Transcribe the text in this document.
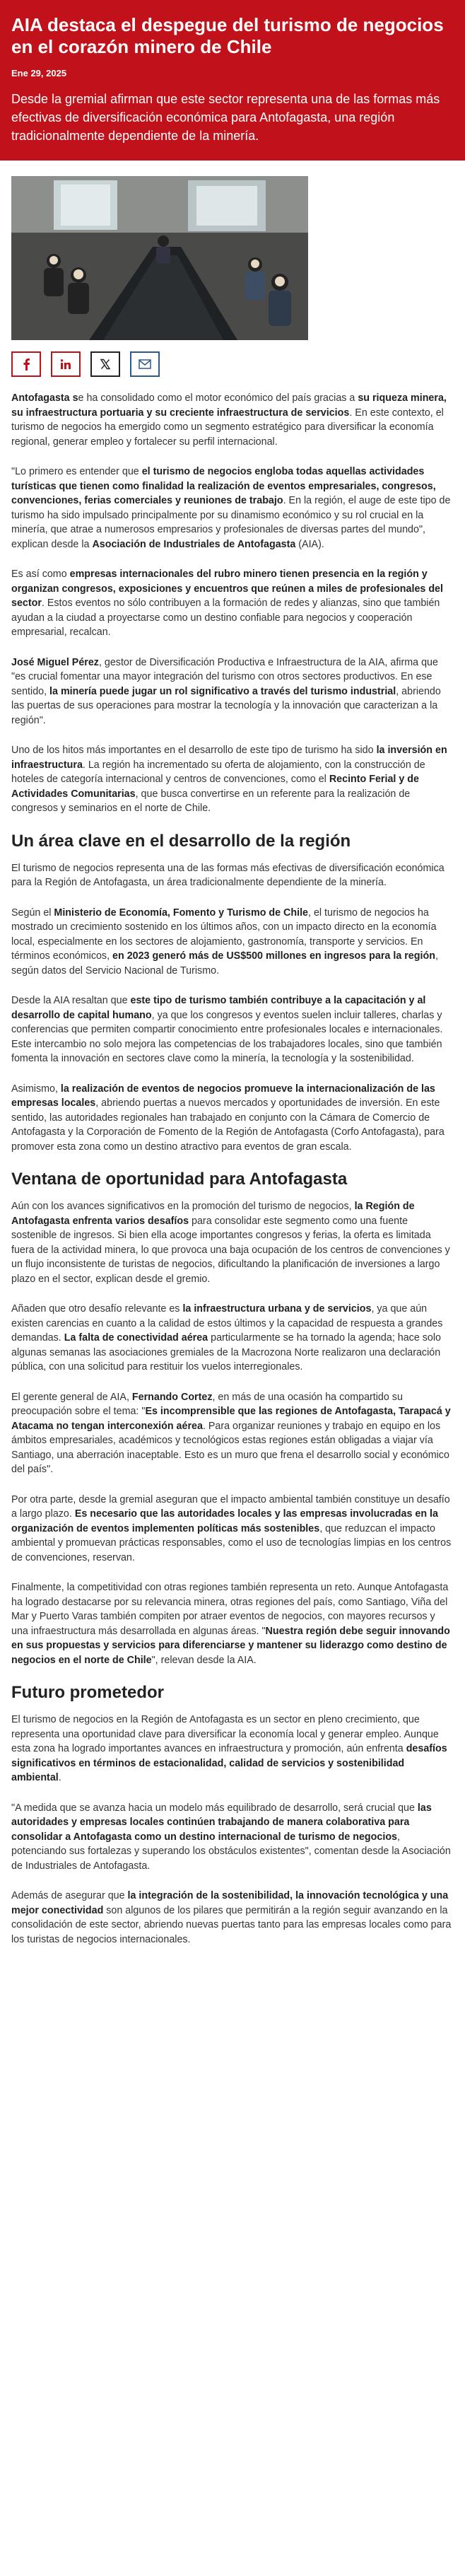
AIA destaca el despegue del turismo de negocios en el corazón minero de Chile
Ene 29, 2025

Desde la gremial afirman que este sector representa una de las formas más efectivas de diversificación económica para Antofagasta, una región tradicionalmente dependiente de la minería.

Antofagasta se ha consolidado como el motor económico del país gracias a su riqueza minera, su infraestructura portuaria y su creciente infraestructura de servicios. En este contexto, el turismo de negocios ha emergido como un segmento estratégico para diversificar la economía regional, generar empleo y fortalecer su perfil internacional.

"Lo primero es entender que el turismo de negocios engloba todas aquellas actividades turísticas que tienen como finalidad la realización de eventos empresariales, congresos, convenciones, ferias comerciales y reuniones de trabajo. En la región, el auge de este tipo de turismo ha sido impulsado principalmente por su dinamismo económico y su rol crucial en la minería, que atrae a numerosos empresarios y profesionales de diversas partes del mundo", explican desde la Asociación de Industriales de Antofagasta (AIA).

Es así como empresas internacionales del rubro minero tienen presencia en la región y organizan congresos, exposiciones y encuentros que reúnen a miles de profesionales del sector. Estos eventos no sólo contribuyen a la formación de redes y alianzas, sino que también ayudan a la ciudad a proyectarse como un destino confiable para negocios y cooperación empresarial, recalcan.

José Miguel Pérez, gestor de Diversificación Productiva e Infraestructura de la AIA, afirma que "es crucial fomentar una mayor integración del turismo con otros sectores productivos. En ese sentido, la minería puede jugar un rol significativo a través del turismo industrial, abriendo las puertas de sus operaciones para mostrar la tecnología y la innovación que caracterizan a la región".

Uno de los hitos más importantes en el desarrollo de este tipo de turismo ha sido la inversión en infraestructura. La región ha incrementado su oferta de alojamiento, con la construcción de hoteles de categoría internacional y centros de convenciones, como el Recinto Ferial y de Actividades Comunitarias, que busca convertirse en un referente para la realización de congresos y seminarios en el norte de Chile.

Un área clave en el desarrollo de la región

El turismo de negocios representa una de las formas más efectivas de diversificación económica para la Región de Antofagasta, un área tradicionalmente dependiente de la minería.

Según el Ministerio de Economía, Fomento y Turismo de Chile, el turismo de negocios ha mostrado un crecimiento sostenido en los últimos años, con un impacto directo en la economía local, especialmente en los sectores de alojamiento, gastronomía, transporte y servicios. En términos económicos, en 2023 generó más de US$500 millones en ingresos para la región, según datos del Servicio Nacional de Turismo.

Desde la AIA resaltan que este tipo de turismo también contribuye a la capacitación y al desarrollo de capital humano, ya que los congresos y eventos suelen incluir talleres, charlas y conferencias que permiten compartir conocimiento entre profesionales locales e internacionales. Este intercambio no solo mejora las competencias de los trabajadores locales, sino que también fomenta la innovación en sectores clave como la minería, la tecnología y la sostenibilidad.

Asimismo, la realización de eventos de negocios promueve la internacionalización de las empresas locales, abriendo puertas a nuevos mercados y oportunidades de inversión. En este sentido, las autoridades regionales han trabajado en conjunto con la Cámara de Comercio de Antofagasta y la Corporación de Fomento de la Región de Antofagasta (Corfo Antofagasta), para promover esta zona como un destino atractivo para eventos de gran escala.

Ventana de oportunidad para Antofagasta

Aún con los avances significativos en la promoción del turismo de negocios, la Región de Antofagasta enfrenta varios desafíos para consolidar este segmento como una fuente sostenible de ingresos. Si bien ella acoge importantes congresos y ferias, la oferta es limitada fuera de la actividad minera, lo que provoca una baja ocupación de los centros de convenciones y un flujo inconsistente de turistas de negocios, dificultando la planificación de inversiones a largo plazo en el sector, explican desde el gremio.

Añaden que otro desafío relevante es la infraestructura urbana y de servicios, ya que aún existen carencias en cuanto a la calidad de estos últimos y la capacidad de respuesta a grandes demandas. La falta de conectividad aérea particularmente se ha tornado la agenda; hace solo algunas semanas las asociaciones gremiales de la Macrozona Norte realizaron una declaración pública, con una solicitud para restituir los vuelos interregionales.

El gerente general de AIA, Fernando Cortez, en más de una ocasión ha compartido su preocupación sobre el tema: "Es incomprensible que las regiones de Antofagasta, Tarapacá y Atacama no tengan interconexión aérea. Para organizar reuniones y trabajo en equipo en los ámbitos empresariales, académicos y tecnológicos estas regiones están obligadas a viajar vía Santiago, una aberración inaceptable. Esto es un muro que frena el desarrollo social y económico del país".

Por otra parte, desde la gremial aseguran que el impacto ambiental también constituye un desafío a largo plazo. Es necesario que las autoridades locales y las empresas involucradas en la organización de eventos implementen políticas más sostenibles, que reduzcan el impacto ambiental y promuevan prácticas responsables, como el uso de tecnologías limpias en los centros de convenciones, reservan.

Finalmente, la competitividad con otras regiones también representa un reto. Aunque Antofagasta ha logrado destacarse por su relevancia minera, otras regiones del país, como Santiago, Viña del Mar y Puerto Varas también compiten por atraer eventos de negocios, con mayores recursos y una infraestructura más desarrollada en algunas áreas. "Nuestra región debe seguir innovando en sus propuestas y servicios para diferenciarse y mantener su liderazgo como destino de negocios en el norte de Chile", relevan desde la AIA.

Futuro prometedor

El turismo de negocios en la Región de Antofagasta es un sector en pleno crecimiento, que representa una oportunidad clave para diversificar la economía local y generar empleo. Aunque esta zona ha logrado importantes avances en infraestructura y promoción, aún enfrenta desafíos significativos en términos de estacionalidad, calidad de servicios y sostenibilidad ambiental.

"A medida que se avanza hacia un modelo más equilibrado de desarrollo, será crucial que las autoridades y empresas locales continúen trabajando de manera colaborativa para consolidar a Antofagasta como un destino internacional de turismo de negocios, potenciando sus fortalezas y superando los obstáculos existentes", comentan desde la Asociación de Industriales de Antofagasta.

Además de asegurar que la integración de la sostenibilidad, la innovación tecnológica y una mejor conectividad son algunos de los pilares que permitirán a la región seguir avanzando en la consolidación de este sector, abriendo nuevas puertas tanto para las empresas locales como para los turistas de negocios internacionales.
